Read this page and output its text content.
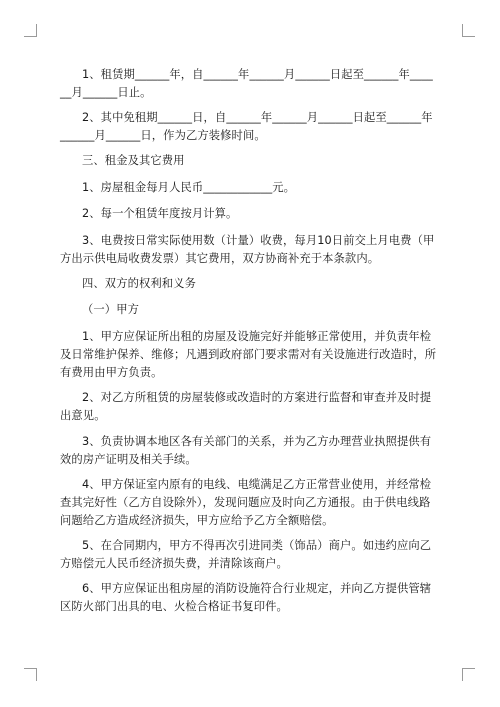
1、租赁期______年，自______年______月______日起至______年______月______日止。

2、其中免租期______日，自______年______月______日起至______年______月______日，作为乙方装修时间。

三、租金及其它费用

1、房屋租金每月人民币____________元。

2、每一个租赁年度按月计算。

3、电费按日常实际使用数（计量）收费，每月10日前交上月电费（甲方出示供电局收费发票）其它费用，双方协商补充于本条款内。

四、双方的权利和义务

（一）甲方

1、甲方应保证所出租的房屋及设施完好并能够正常使用，并负责年检及日常维护保养、维修；凡遇到政府部门要求需对有关设施进行改造时，所有费用由甲方负责。

2、对乙方所租赁的房屋装修或改造时的方案进行监督和审查并及时提出意见。

3、负责协调本地区各有关部门的关系，并为乙方办理营业执照提供有效的房产证明及相关手续。

4、甲方保证室内原有的电线、电缆满足乙方正常营业使用，并经常检查其完好性（乙方自设除外），发现问题应及时向乙方通报。由于供电线路问题给乙方造成经济损失，甲方应给予乙方全额赔偿。

5、在合同期内，甲方不得再次引进同类（饰品）商户。如违约应向乙方赔偿元人民币经济损失费，并清除该商户。

6、甲方应保证出租房屋的消防设施符合行业规定，并向乙方提供管辖区防火部门出具的电、火检合格证书复印件。
